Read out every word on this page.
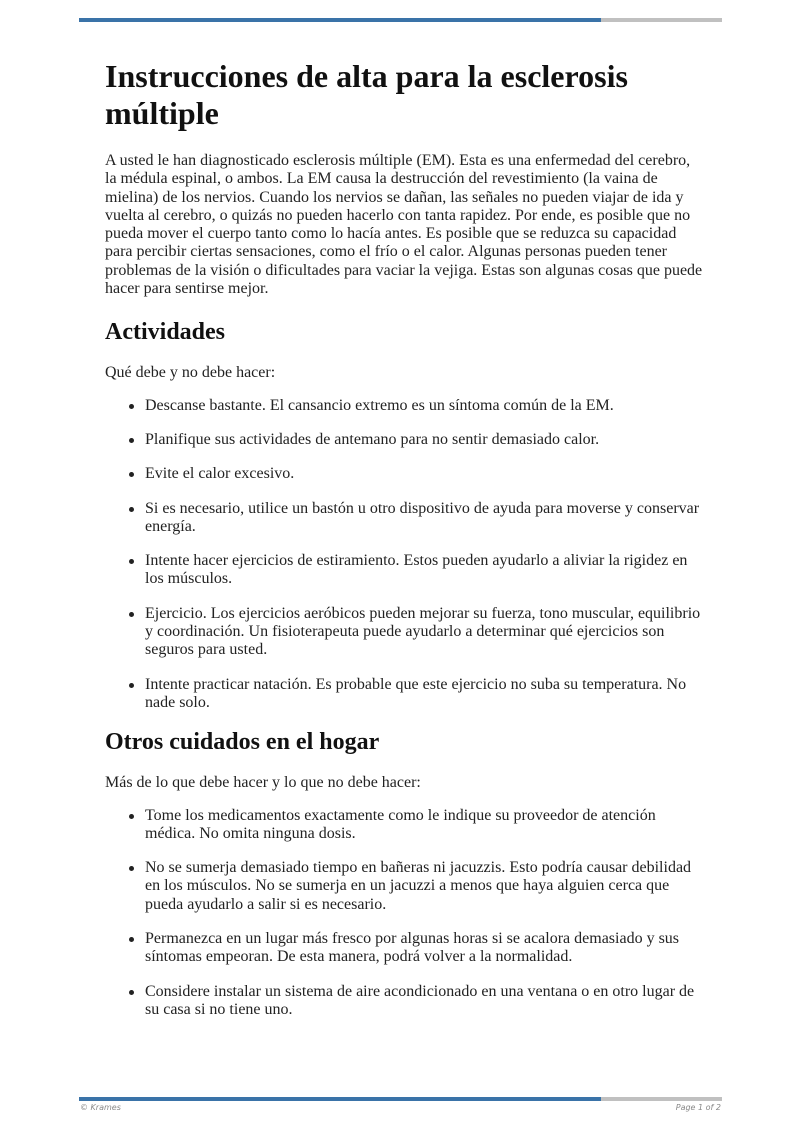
Instrucciones de alta para la esclerosis múltiple

A usted le han diagnosticado esclerosis múltiple (EM). Esta es una enfermedad del cerebro, la médula espinal, o ambos. La EM causa la destrucción del revestimiento (la vaina de mielina) de los nervios. Cuando los nervios se dañan, las señales no pueden viajar de ida y vuelta al cerebro, o quizás no pueden hacerlo con tanta rapidez. Por ende, es posible que no pueda mover el cuerpo tanto como lo hacía antes. Es posible que se reduzca su capacidad para percibir ciertas sensaciones, como el frío o el calor. Algunas personas pueden tener problemas de la visión o dificultades para vaciar la vejiga. Estas son algunas cosas que puede hacer para sentirse mejor.

Actividades

Qué debe y no debe hacer:

Descanse bastante. El cansancio extremo es un síntoma común de la EM.
Planifique sus actividades de antemano para no sentir demasiado calor.
Evite el calor excesivo.
Si es necesario, utilice un bastón u otro dispositivo de ayuda para moverse y conservar energía.
Intente hacer ejercicios de estiramiento. Estos pueden ayudarlo a aliviar la rigidez en los músculos.
Ejercicio. Los ejercicios aeróbicos pueden mejorar su fuerza, tono muscular, equilibrio y coordinación. Un fisioterapeuta puede ayudarlo a determinar qué ejercicios son seguros para usted.
Intente practicar natación. Es probable que este ejercicio no suba su temperatura. No nade solo.
Otros cuidados en el hogar

Más de lo que debe hacer y lo que no debe hacer:

Tome los medicamentos exactamente como le indique su proveedor de atención médica. No omita ninguna dosis.
No se sumerja demasiado tiempo en bañeras ni jacuzzis. Esto podría causar debilidad en los músculos. No se sumerja en un jacuzzi a menos que haya alguien cerca que pueda ayudarlo a salir si es necesario.
Permanezca en un lugar más fresco por algunas horas si se acalora demasiado y sus síntomas empeoran. De esta manera, podrá volver a la normalidad.
Considere instalar un sistema de aire acondicionado en una ventana o en otro lugar de su casa si no tiene uno.
© Krames	Page 1 of 2
